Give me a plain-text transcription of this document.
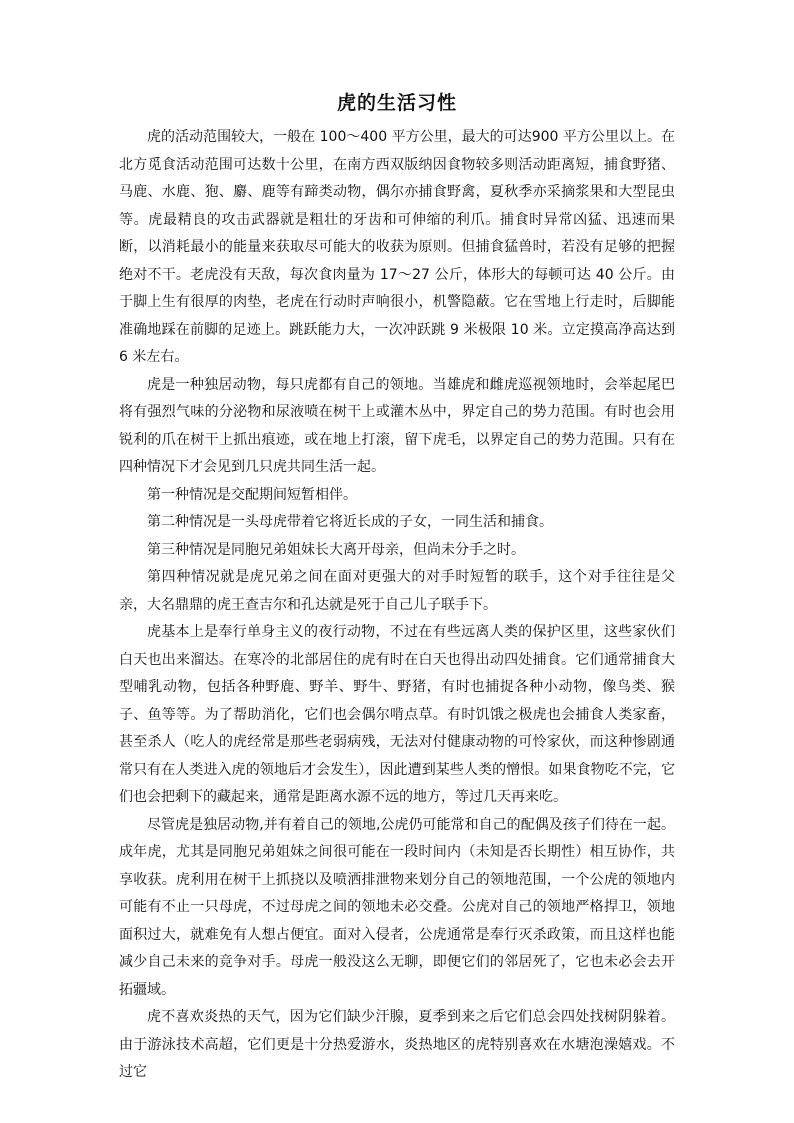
虎的生活习性

虎的活动范围较大，一般在 100～400 平方公里，最大的可达900 平方公里以上。在北方觅食活动范围可达数十公里，在南方西双版纳因食物较多则活动距离短，捕食野猪、马鹿、水鹿、狍、麝、鹿等有蹄类动物，偶尔亦捕食野禽，夏秋季亦采摘浆果和大型昆虫等。虎最精良的攻击武器就是粗壮的牙齿和可伸缩的利爪。捕食时异常凶猛、迅速而果断，以消耗最小的能量来获取尽可能大的收获为原则。但捕食猛兽时，若没有足够的把握绝对不干。老虎没有天敌，每次食肉量为 17～27 公斤，体形大的每顿可达 40 公斤。由于脚上生有很厚的肉垫，老虎在行动时声响很小，机警隐蔽。它在雪地上行走时，后脚能准确地踩在前脚的足迹上。跳跃能力大，一次冲跃跳 9 米极限 10 米。立定摸高净高达到 6 米左右。

虎是一种独居动物，每只虎都有自己的领地。当雄虎和雌虎巡视领地时，会举起尾巴将有强烈气味的分泌物和尿液喷在树干上或灌木丛中，界定自己的势力范围。有时也会用锐利的爪在树干上抓出痕迹，或在地上打滚，留下虎毛，以界定自己的势力范围。只有在四种情况下才会见到几只虎共同生活一起。

第一种情况是交配期间短暂相伴。

第二种情况是一头母虎带着它将近长成的子女，一同生活和捕食。

第三种情况是同胞兄弟姐妹长大离开母亲，但尚未分手之时。

第四种情况就是虎兄弟之间在面对更强大的对手时短暂的联手，这个对手往往是父亲，大名鼎鼎的虎王查吉尔和孔达就是死于自己儿子联手下。

虎基本上是奉行单身主义的夜行动物，不过在有些远离人类的保护区里，这些家伙们白天也出来溜达。在寒冷的北部居住的虎有时在白天也得出动四处捕食。它们通常捕食大型哺乳动物，包括各种野鹿、野羊、野牛、野猪，有时也捕捉各种小动物，像鸟类、猴子、鱼等等。为了帮助消化，它们也会偶尔啃点草。有时饥饿之极虎也会捕食人类家畜，甚至杀人（吃人的虎经常是那些老弱病残，无法对付健康动物的可怜家伙，而这种惨剧通常只有在人类进入虎的领地后才会发生），因此遭到某些人类的憎恨。如果食物吃不完，它们也会把剩下的藏起来，通常是距离水源不远的地方，等过几天再来吃。

尽管虎是独居动物,并有着自己的领地,公虎仍可能常和自己的配偶及孩子们待在一起。成年虎，尤其是同胞兄弟姐妹之间很可能在一段时间内（未知是否长期性）相互协作，共享收获。虎利用在树干上抓挠以及喷洒排泄物来划分自己的领地范围，一个公虎的领地内可能有不止一只母虎，不过母虎之间的领地未必交叠。公虎对自己的领地严格捍卫，领地面积过大，就难免有人想占便宜。面对入侵者，公虎通常是奉行灭杀政策，而且这样也能减少自己未来的竞争对手。母虎一般没这么无聊，即便它们的邻居死了，它也未必会去开拓疆域。

虎不喜欢炎热的天气，因为它们缺少汗腺，夏季到来之后它们总会四处找树阴躲着。由于游泳技术高超，它们更是十分热爱游水，炎热地区的虎特别喜欢在水塘泡澡嬉戏。不过它
